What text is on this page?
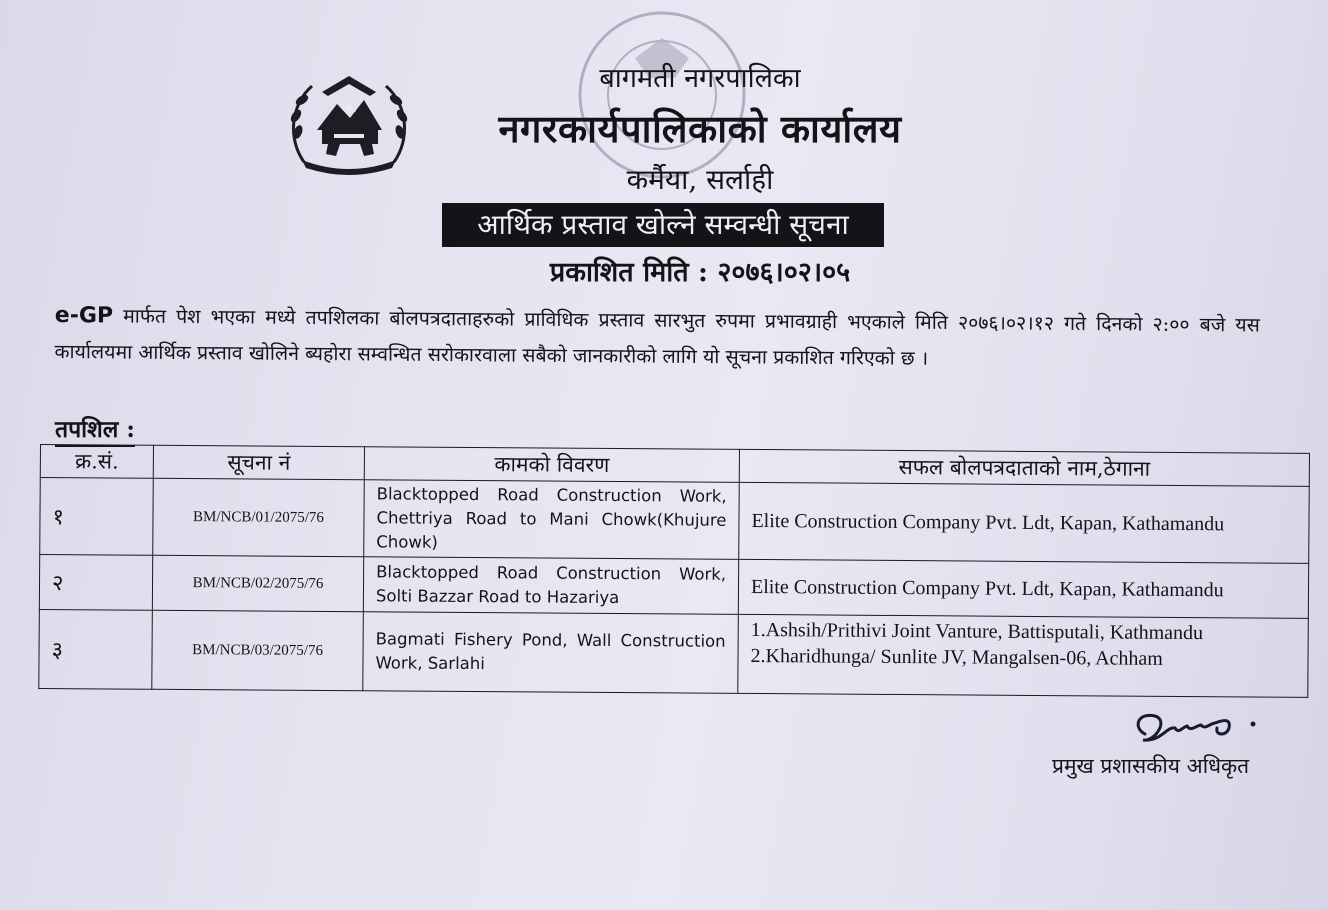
बागमती नगरपालिका
नगरकार्यपालिकाको कार्यालय
कर्मैया, सर्लाही
आर्थिक प्रस्ताव खोल्ने सम्वन्धी सूचना
प्रकाशित मिति : २०७६।०२।०५
e-GP मार्फत पेश भएका मध्ये तपशिलका बोलपत्रदाताहरुको प्राविधिक प्रस्ताव सारभुत रुपमा प्रभावग्राही भएकाले मिति २०७६।०२।१२ गते दिनको २:०० बजे यस कार्यालयमा आर्थिक प्रस्ताव खोलिने ब्यहोरा सम्वन्धित सरोकारवाला सबैको जानकारीको लागि यो सूचना प्रकाशित गरिएको छ ।
तपशिल :
क्र.सं.	सूचना नं	कामको विवरण	सफल बोलपत्रदाताको नाम,ठेगाना
१	BM/NCB/01/2075/76	Blacktopped Road Construction Work, Chettriya Road to Mani Chowk(Khujure Chowk)	Elite Construction Company Pvt. Ldt, Kapan, Kathamandu

२	BM/NCB/02/2075/76	Blacktopped Road Construction Work, Solti Bazzar Road to Hazariya	Elite Construction Company Pvt. Ldt, Kapan, Kathamandu

३	BM/NCB/03/2075/76	Bagmati Fishery Pond, Wall Construction Work, Sarlahi	1.Ashsih/Prithivi Joint Vanture, Battisputali, Kathmandu
2.Kharidhunga/ Sunlite JV, Mangalsen-06, Achham
प्रमुख प्रशासकीय अधिकृत
